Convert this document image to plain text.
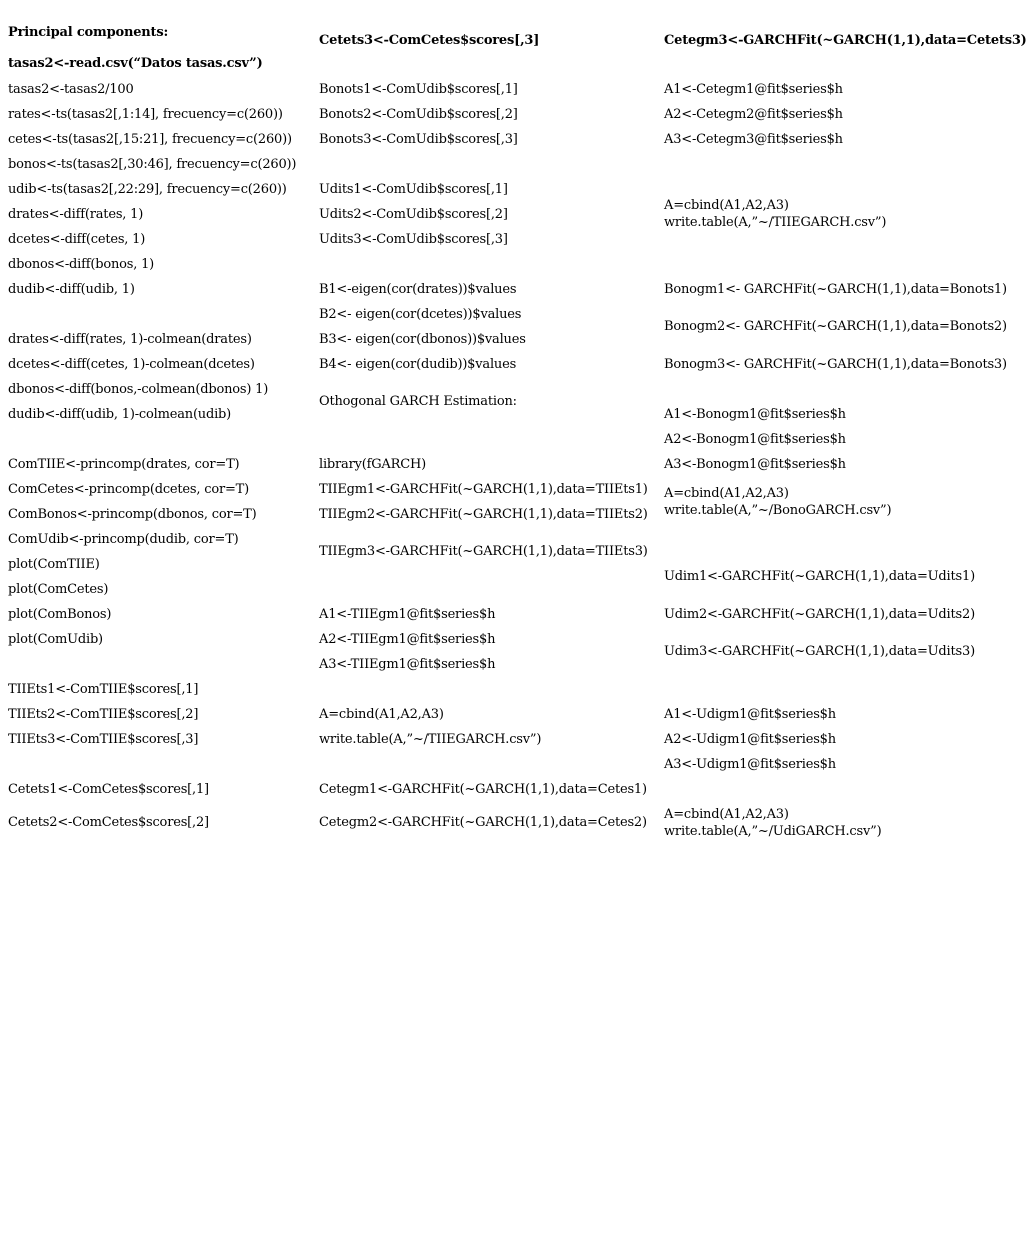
Principal components:
tasas2<-read.csv(“Datos tasas.csv”)
tasas2<-tasas2/100
rates<-ts(tasas2[,1:14], frecuency=c(260))
cetes<-ts(tasas2[,15:21], frecuency=c(260))
bonos<-ts(tasas2[,30:46], frecuency=c(260))
udib<-ts(tasas2[,22:29], frecuency=c(260))
drates<-diff(rates, 1)
dcetes<-diff(cetes, 1)
dbonos<-diff(bonos, 1)
dudib<-diff(udib, 1)
drates<-diff(rates, 1)-colmean(drates)
dcetes<-diff(cetes, 1)-colmean(dcetes)
dbonos<-diff(bonos,-colmean(dbonos) 1)
dudib<-diff(udib, 1)-colmean(udib)
ComTIIE<-princomp(drates, cor=T)
ComCetes<-princomp(dcetes, cor=T)
ComBonos<-princomp(dbonos, cor=T)
ComUdib<-princomp(dudib, cor=T)
plot(ComTIIE)
plot(ComCetes)
plot(ComBonos)
plot(ComUdib)
TIIEts1<-ComTIIE$scores[,1]
TIIEts2<-ComTIIE$scores[,2]
TIIEts3<-ComTIIE$scores[,3]
Cetets1<-ComCetes$scores[,1]
Cetets2<-ComCetes$scores[,2]
Cetets3<-ComCetes$scores[,3]
Bonots1<-ComUdib$scores[,1]
Bonots2<-ComUdib$scores[,2]
Bonots3<-ComUdib$scores[,3]
Udits1<-ComUdib$scores[,1]
Udits2<-ComUdib$scores[,2]
Udits3<-ComUdib$scores[,3]
B1<-eigen(cor(drates))$values
B2<- eigen(cor(dcetes))$values
B3<- eigen(cor(dbonos))$values
B4<- eigen(cor(dudib))$values
Othogonal GARCH Estimation:
library(fGARCH)
TIIEgm1<-GARCHFit(~GARCH(1,1),data=TIIEts1)
TIIEgm2<-GARCHFit(~GARCH(1,1),data=TIIEts2)
TIIEgm3<-GARCHFit(~GARCH(1,1),data=TIIEts3)
A1<-TIIEgm1@fit$series$h
A2<-TIIEgm1@fit$series$h
A3<-TIIEgm1@fit$series$h
A=cbind(A1,A2,A3)
write.table(A,”~/TIIEGARCH.csv”)
Cetegm1<-GARCHFit(~GARCH(1,1),data=Cetes1)
Cetegm2<-GARCHFit(~GARCH(1,1),data=Cetes2)
Cetegm3<-GARCHFit(~GARCH(1,1),data=Cetets3)
A1<-Cetegm1@fit$series$h
A2<-Cetegm2@fit$series$h
A3<-Cetegm3@fit$series$h
A=cbind(A1,A2,A3)
write.table(A,”~/TIIEGARCH.csv”)
Bonogm1<- GARCHFit(~GARCH(1,1),data=Bonots1)
Bonogm2<- GARCHFit(~GARCH(1,1),data=Bonots2)
Bonogm3<- GARCHFit(~GARCH(1,1),data=Bonots3)
A1<-Bonogm1@fit$series$h
A2<-Bonogm1@fit$series$h
A3<-Bonogm1@fit$series$h
A=cbind(A1,A2,A3)
write.table(A,”~/BonoGARCH.csv”)
Udim1<-GARCHFit(~GARCH(1,1),data=Udits1)
Udim2<-GARCHFit(~GARCH(1,1),data=Udits2)
Udim3<-GARCHFit(~GARCH(1,1),data=Udits3)
A1<-Udigm1@fit$series$h
A2<-Udigm1@fit$series$h
A3<-Udigm1@fit$series$h
A=cbind(A1,A2,A3)
write.table(A,”~/UdiGARCH.csv”)
